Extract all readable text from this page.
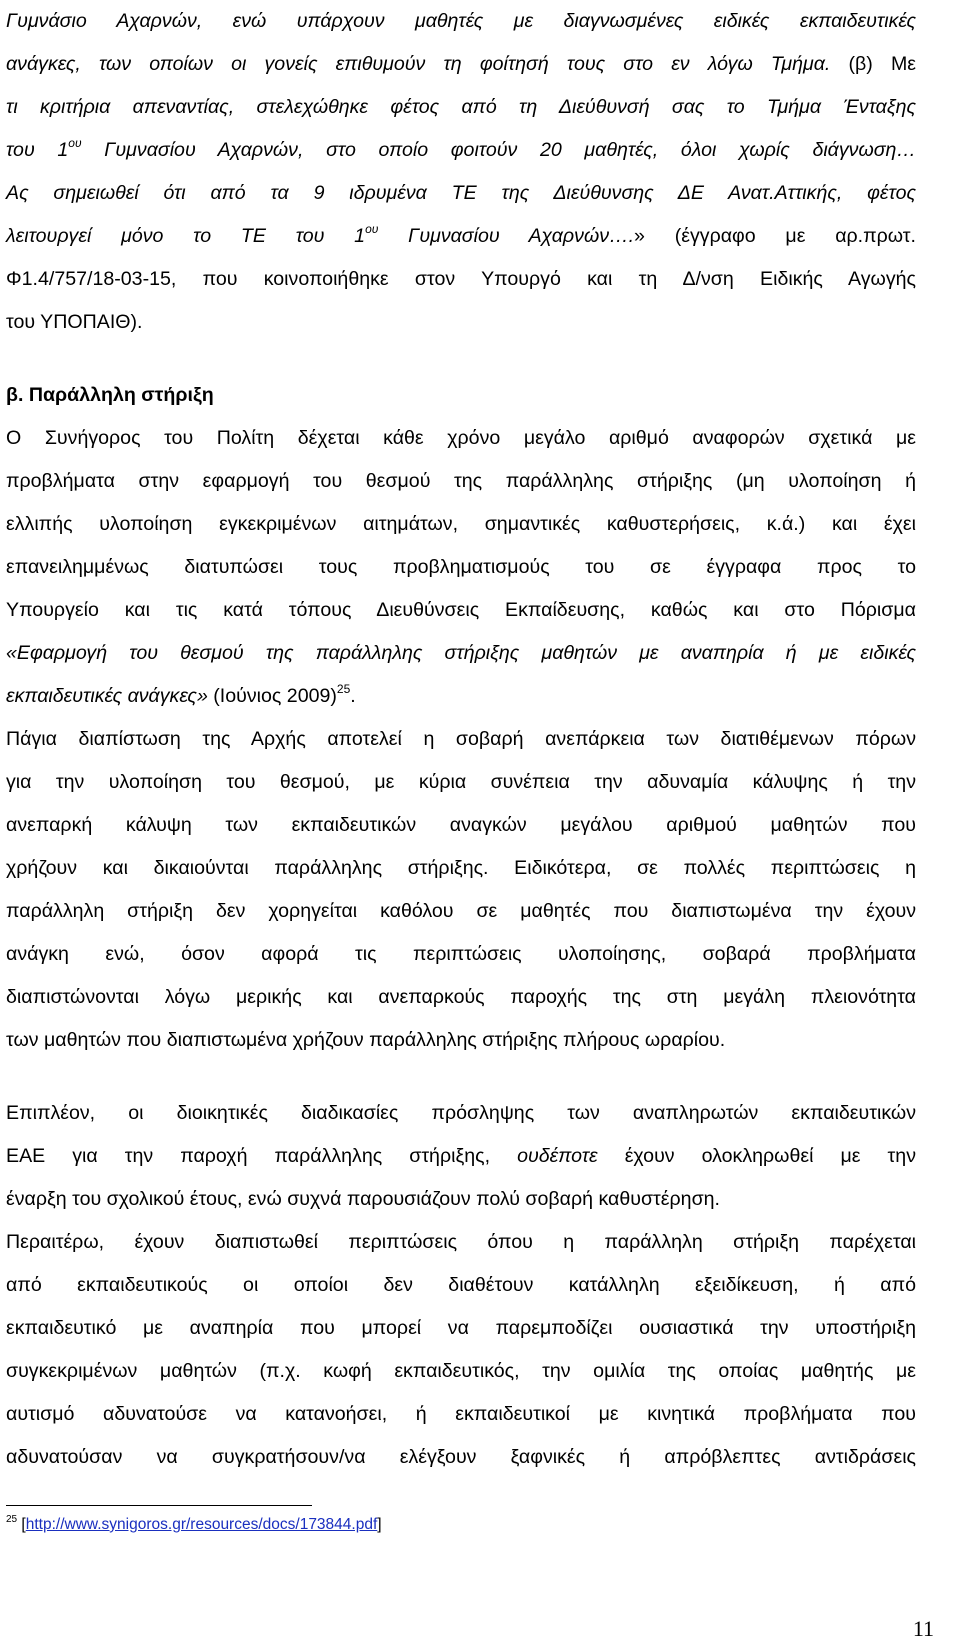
Γυμνάσιο Αχαρνών, ενώ υπάρχουν μαθητές με διαγνωσμένες ειδικές εκπαιδευτικές
ανάγκες, των οποίων οι γονείς επιθυμούν τη φοίτησή τους στο εν λόγω Τμήμα. (β) Με
τι κριτήρια απεναντίας, στελεχώθηκε φέτος από τη Διεύθυνσή σας το Τμήμα Ένταξης
του $1^{o\upsilon}$ Γυμνασίου Αχαρνών, στο οποίο φοιτούν 20 μαθητές, όλοι χωρίς διάγνωση…
Ας σημειωθεί ότι από τα 9 ιδρυμένα ΤΕ της Διεύθυνσης ΔΕ Ανατ.Αττικής, φέτος
λειτουργεί μόνο το ΤΕ του $1^{o\upsilon}$ Γυμνασίου Αχαρνών….» (έγγραφο με αρ.πρωτ.
Φ1.4/757/18-03-15, που κοινοποιήθηκε στον Υπουργό και τη Δ/νση Ειδικής Αγωγής
του ΥΠΟΠΑΙΘ).
β. Παράλληλη στήριξη
Ο Συνήγορος του Πολίτη δέχεται κάθε χρόνο μεγάλο αριθμό αναφορών σχετικά με
προβλήματα στην εφαρμογή του θεσμού της παράλληλης στήριξης (μη υλοποίηση ή
ελλιπής υλοποίηση εγκεκριμένων αιτημάτων, σημαντικές καθυστερήσεις, κ.ά.) και έχει
επανειλημμένως διατυπώσει τους προβληματισμούς του σε έγγραφα προς το
Υπουργείο και τις κατά τόπους Διευθύνσεις Εκπαίδευσης, καθώς και στο Πόρισμα
«Εφαρμογή του θεσμού της παράλληλης στήριξης μαθητών με αναπηρία ή με ειδικές
εκπαιδευτικές ανάγκες» (Ιούνιος 2009)$^{25}$.
Πάγια διαπίστωση της Αρχής αποτελεί η σοβαρή ανεπάρκεια των διατιθέμενων πόρων
για την υλοποίηση του θεσμού, με κύρια συνέπεια την αδυναμία κάλυψης ή την
ανεπαρκή κάλυψη των εκπαιδευτικών αναγκών μεγάλου αριθμού μαθητών που
χρήζουν και δικαιούνται παράλληλης στήριξης. Ειδικότερα, σε πολλές περιπτώσεις η
παράλληλη στήριξη δεν χορηγείται καθόλου σε μαθητές που διαπιστωμένα την έχουν
ανάγκη ενώ, όσον αφορά τις περιπτώσεις υλοποίησης, σοβαρά προβλήματα
διαπιστώνονται λόγω μερικής και ανεπαρκούς παροχής της στη μεγάλη πλειονότητα
των μαθητών που διαπιστωμένα χρήζουν παράλληλης στήριξης πλήρους ωραρίου.
Επιπλέον, οι διοικητικές διαδικασίες πρόσληψης των αναπληρωτών εκπαιδευτικών
ΕΑΕ για την παροχή παράλληλης στήριξης, ουδέποτε έχουν ολοκληρωθεί με την
έναρξη του σχολικού έτους, ενώ συχνά παρουσιάζουν πολύ σοβαρή καθυστέρηση.
Περαιτέρω, έχουν διαπιστωθεί περιπτώσεις όπου η παράλληλη στήριξη παρέχεται
από εκπαιδευτικούς οι οποίοι δεν διαθέτουν κατάλληλη εξειδίκευση, ή από
εκπαιδευτικό με αναπηρία που μπορεί να παρεμποδίζει ουσιαστικά την υποστήριξη
συγκεκριμένων μαθητών (π.χ. κωφή εκπαιδευτικός, την ομιλία της οποίας μαθητής με
αυτισμό αδυνατούσε να κατανοήσει, ή εκπαιδευτικοί με κινητικά προβλήματα που
αδυνατούσαν να συγκρατήσουν/να ελέγξουν ξαφνικές ή απρόβλεπτες αντιδράσεις
$^{25}$ [http://www.synigoros.gr/resources/docs/173844.pdf]
11
